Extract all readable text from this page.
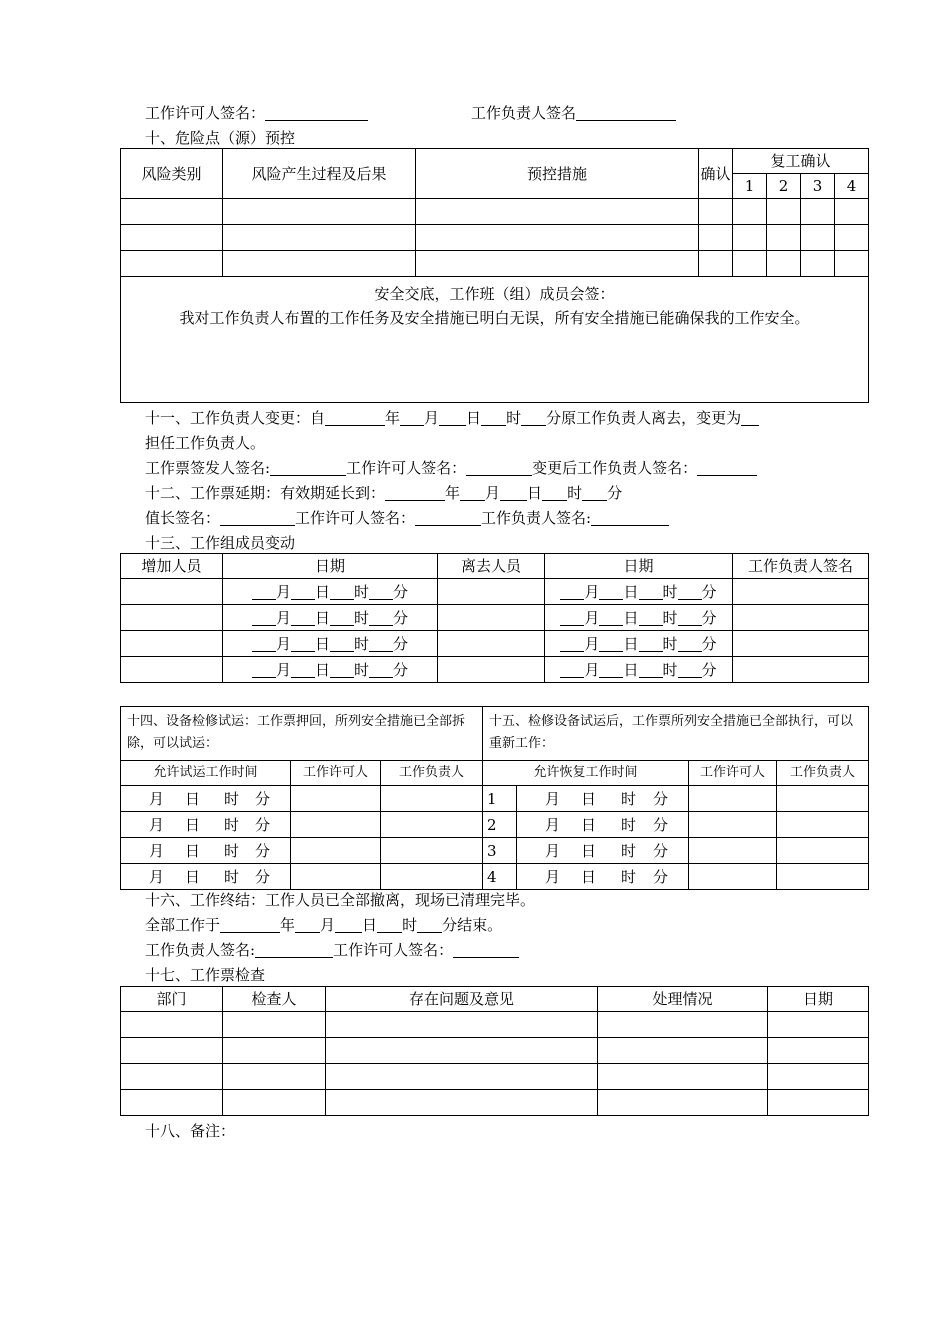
工作许可人签名：	工作负责人签名
十、危险点（源）预控
风险类别	风险产生过程及后果	预控措施	确认	复工确认			
				1	2	3	4

安全交底，工作班（组）成员会签：
我对工作负责人布置的工作任务及安全措施已明白无误，所有安全措施已能确保我的工作安全。							
十一、工作负责人变更：自	年 月 日 时 分原工作负责人离去，变更为
担任工作负责人。
工作票签发人签名:	工作许可人签名：	变更后工作负责人签名：
十二、工作票延期：有效期延长到：	年 月 日 时 分
值长签名：	工作许可人签名：	工作负责人签名:
十三、工作组成员变动
增加人员	日期	离去人员	日期	工作负责人签名
	月 日 时 分		月 日 时 分	
	月 日 时 分		月 日 时 分	
	月 日 时 分		月 日 时 分	
	月 日 时 分		月 日 时 分	
十四、设备检修试运：工作票押回，所列安全措施已全部拆除，可以试运：			十五、检修设备试运后，工作票所列安全措施已全部执行，可以重新工作：			
允许试运工作时间	工作许可人	工作负责人	允许恢复工作时间		工作许可人	工作负责人
月 日 时 分			1	月 日 时 分		
月 日 时 分			2	月 日 时 分		
月 日 时 分			3	月 日 时 分		
月 日 时 分			4	月 日 时 分		
十六、工作终结：工作人员已全部撤离，现场已清理完毕。
全部工作于	年 月 日 时 分结束。
工作负责人签名:	工作许可人签名：
十七、工作票检查
部门	检查人	存在问题及意见	处理情况	日期

十八、备注：
